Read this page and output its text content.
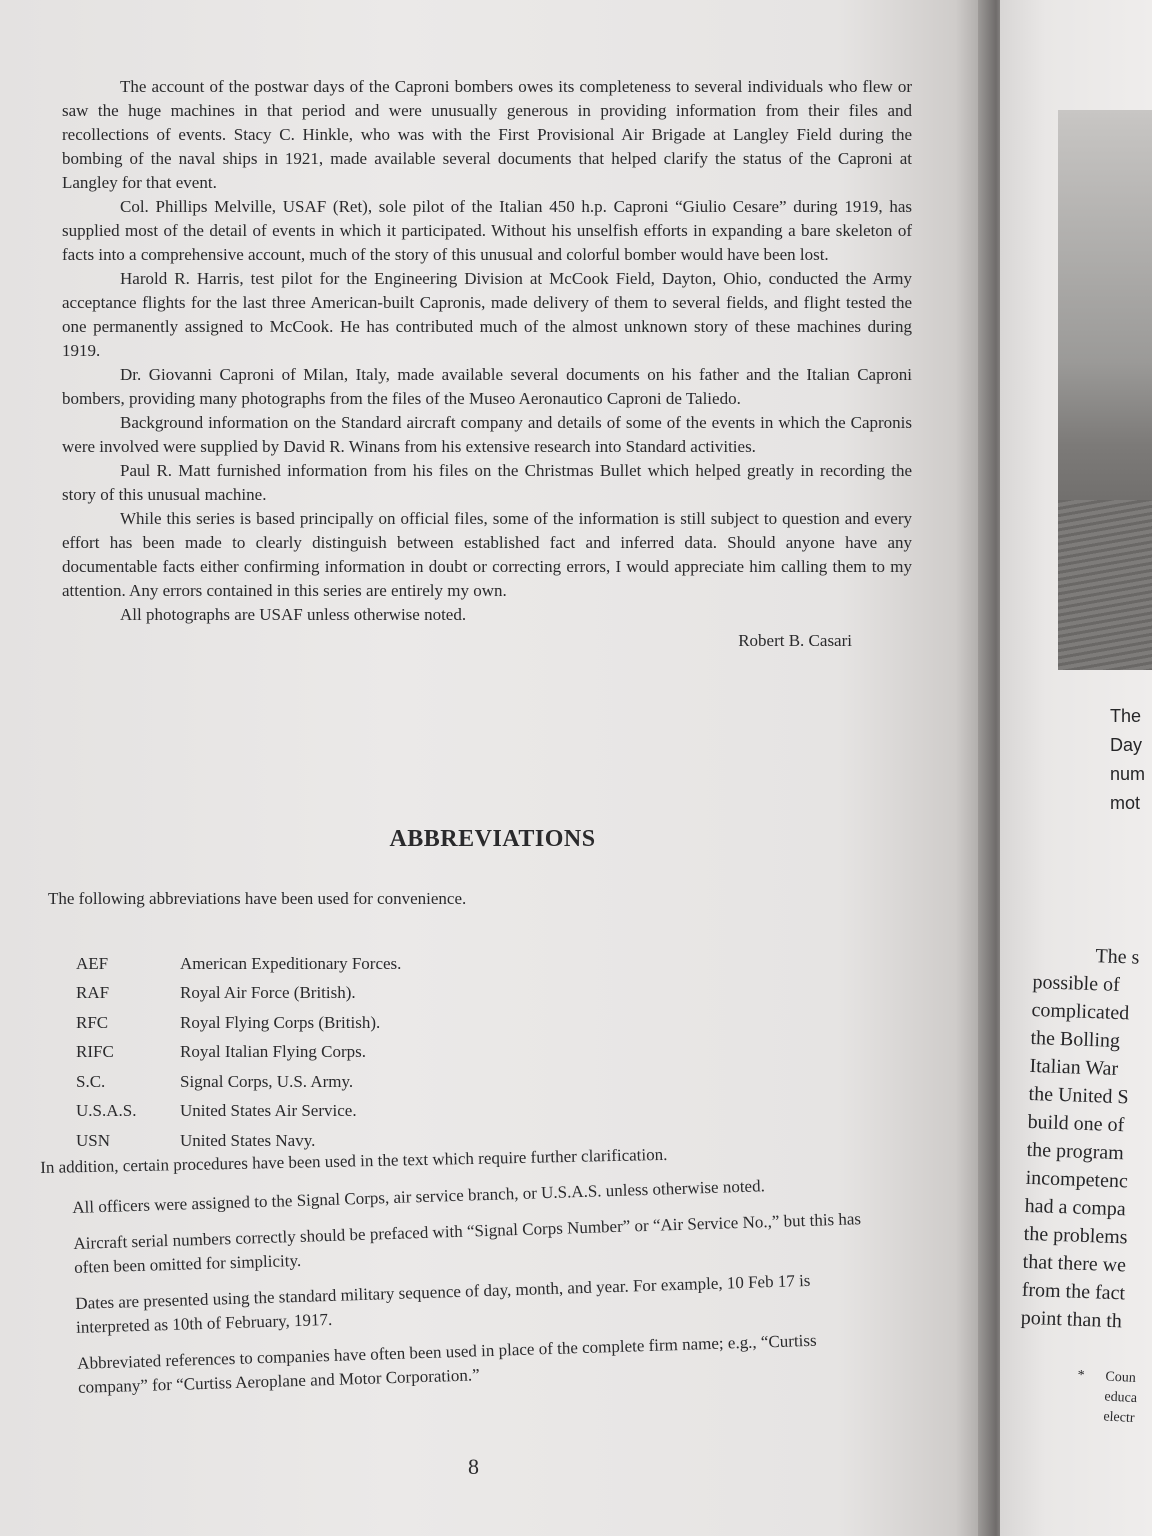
The account of the postwar days of the Caproni bombers owes its completeness to several individuals who flew or saw the huge machines in that period and were unusually generous in providing information from their files and recollections of events. Stacy C. Hinkle, who was with the First Provisional Air Brigade at Langley Field during the bombing of the naval ships in 1921, made available several documents that helped clarify the status of the Caproni at Langley for that event.

Col. Phillips Melville, USAF (Ret), sole pilot of the Italian 450 h.p. Caproni “Giulio Cesare” during 1919, has supplied most of the detail of events in which it participated. Without his unselfish efforts in expanding a bare skeleton of facts into a comprehensive account, much of the story of this unusual and colorful bomber would have been lost.

Harold R. Harris, test pilot for the Engineering Division at McCook Field, Dayton, Ohio, conducted the Army acceptance flights for the last three American-built Capronis, made delivery of them to several fields, and flight tested the one permanently assigned to McCook. He has contributed much of the almost unknown story of these machines during 1919.

Dr. Giovanni Caproni of Milan, Italy, made available several documents on his father and the Italian Caproni bombers, providing many photographs from the files of the Museo Aeronautico Caproni de Taliedo.

Background information on the Standard aircraft company and details of some of the events in which the Capronis were involved were supplied by David R. Winans from his extensive research into Standard activities.

Paul R. Matt furnished information from his files on the Christmas Bullet which helped greatly in recording the story of this unusual machine.

While this series is based principally on official files, some of the information is still subject to question and every effort has been made to clearly distinguish between established fact and inferred data. Should anyone have any documentable facts either confirming information in doubt or correcting errors, I would appreciate him calling them to my attention. Any errors contained in this series are entirely my own.

All photographs are USAF unless otherwise noted.

Robert B. Casari
ABBREVIATIONS
The following abbreviations have been used for convenience.
AEF	American Expeditionary Forces.
RAF	Royal Air Force (British).
RFC	Royal Flying Corps (British).
RIFC	Royal Italian Flying Corps.
S.C.	Signal Corps, U.S. Army.
U.S.A.S.	United States Air Service.
USN	United States Navy.
In addition, certain procedures have been used in the text which require further clarification.

All officers were assigned to the Signal Corps, air service branch, or U.S.A.S. unless otherwise noted.

Aircraft serial numbers correctly should be prefaced with “Signal Corps Number” or “Air Service No.,” but this has often been omitted for simplicity.

Dates are presented using the standard military sequence of day, month, and year. For example, 10 Feb 17 is interpreted as 10th of February, 1917.

Abbreviated references to companies have often been used in place of the complete firm name; e.g., “Curtiss company” for “Curtiss Aeroplane and Motor Corporation.”

8
The
Day
num
mot
The s
possible of
complicated
the Bolling
Italian War
the United S
build one of
the program
incompetenc
had a compa
the problems
that there we
from the fact
point than th
* Coun
educa
electr
